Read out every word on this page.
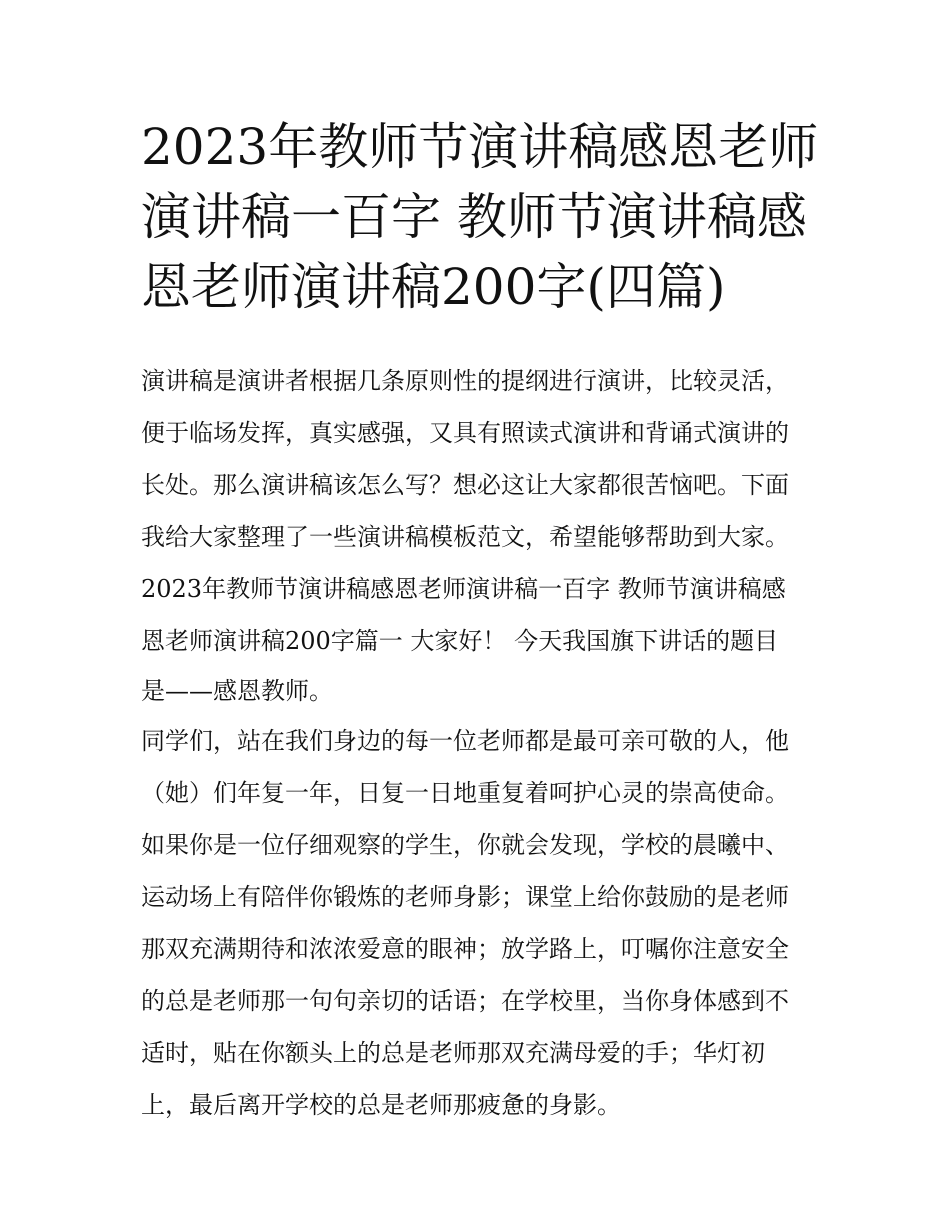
2023年教师节演讲稿感恩老师
演讲稿一百字 教师节演讲稿感
恩老师演讲稿200字(四篇)
演讲稿是演讲者根据几条原则性的提纲进行演讲，比较灵活，
便于临场发挥，真实感强，又具有照读式演讲和背诵式演讲的
长处。那么演讲稿该怎么写？想必这让大家都很苦恼吧。下面
我给大家整理了一些演讲稿模板范文，希望能够帮助到大家。
2023年教师节演讲稿感恩老师演讲稿一百字 教师节演讲稿感
恩老师演讲稿200字篇一 大家好！ 今天我国旗下讲话的题目
是——感恩教师。
同学们，站在我们身边的每一位老师都是最可亲可敬的人，他
（她）们年复一年，日复一日地重复着呵护心灵的崇高使命。
如果你是一位仔细观察的学生，你就会发现，学校的晨曦中、
运动场上有陪伴你锻炼的老师身影；课堂上给你鼓励的是老师
那双充满期待和浓浓爱意的眼神；放学路上，叮嘱你注意安全
的总是老师那一句句亲切的话语；在学校里，当你身体感到不
适时，贴在你额头上的总是老师那双充满母爱的手；华灯初
上，最后离开学校的总是老师那疲惫的身影。
